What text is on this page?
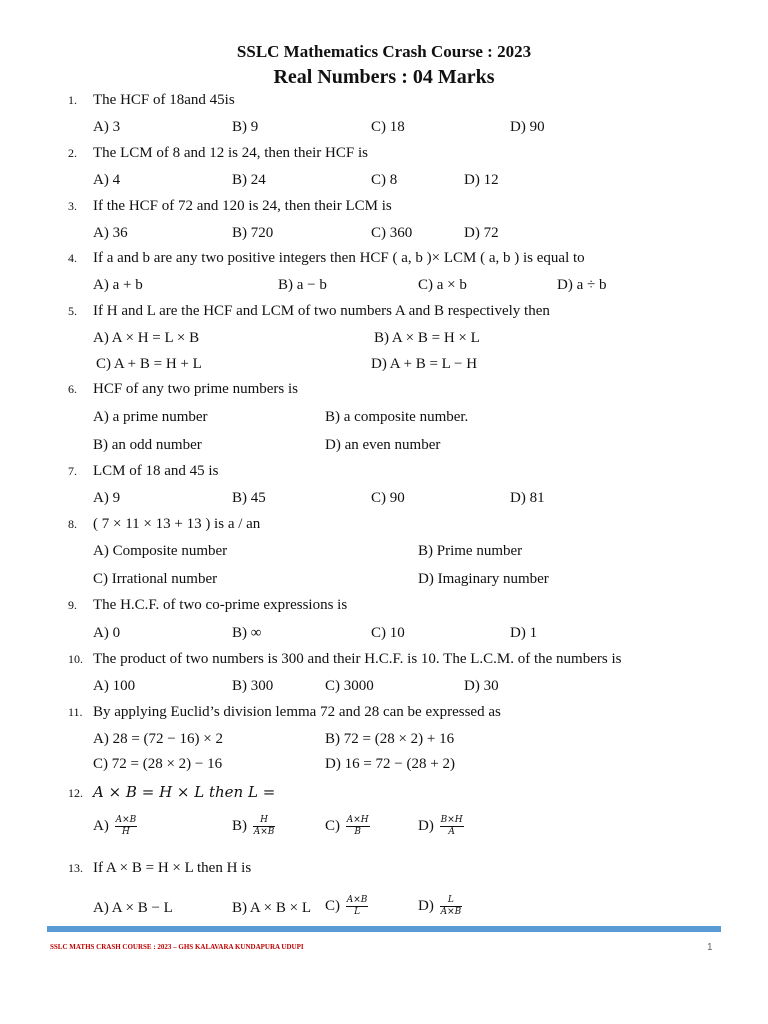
SSLC Mathematics Crash Course : 2023
Real Numbers : 04 Marks
1. The HCF of 18and 45is
A) 3	B) 9	C) 18	D) 90
2. The LCM of 8 and 12 is 24, then their HCF is
A) 4	B) 24	C) 8	D) 12
3. If the HCF of 72 and 120 is 24, then their LCM is
A) 36	B) 720	C) 360	D) 72
4. If a and b are any two positive integers then HCF ( a, b )× LCM ( a, b ) is equal to
A) a + b	B) a − b	C) a × b	D) a ÷ b
5. If H and L are the HCF and LCM of two numbers A and B respectively then
A) A × H = L × B	B) A × B = H × L
C) A + B = H + L	D) A + B = L − H
6. HCF of any two prime numbers is
A) a prime number	B) a composite number.
B) an odd number	D) an even number
7. LCM of 18 and 45 is
A) 9	B) 45	C) 90	D) 81
8. ( 7 × 11 × 13 + 13 ) is a / an
A) Composite number	B) Prime number
C) Irrational number	D) Imaginary number
9. The H.C.F. of two co-prime expressions is
A) 0	B) ∞	C) 10	D) 1
10. The product of two numbers is 300 and their H.C.F. is 10. The L.C.M. of the numbers is
A) 100	B) 300	C) 3000	D) 30
11. By applying Euclid’s division lemma 72 and 28 can be expressed as
A) 28 = (72 − 16) × 2	B) 72 = (28 × 2) + 16
C) 72 = (28 × 2) − 16	D) 16 = 72 − (28 + 2)
12. A × B = H × L then L =
$A) \frac{A\times B}{H}$	$B) \frac{H}{A\times B}$	$C) \frac{A\times H}{B}$	$D) \frac{B\times H}{A}$
13. If A × B = H × L then H is
A) A × B − L	B) A × B × L $C) \frac{A\times B}{L}$	$D) \frac{L}{A\times B}$
SSLC MATHS CRASH COURSE : 2023 – GHS KALAVARA KUNDAPURA UDUPI	1
